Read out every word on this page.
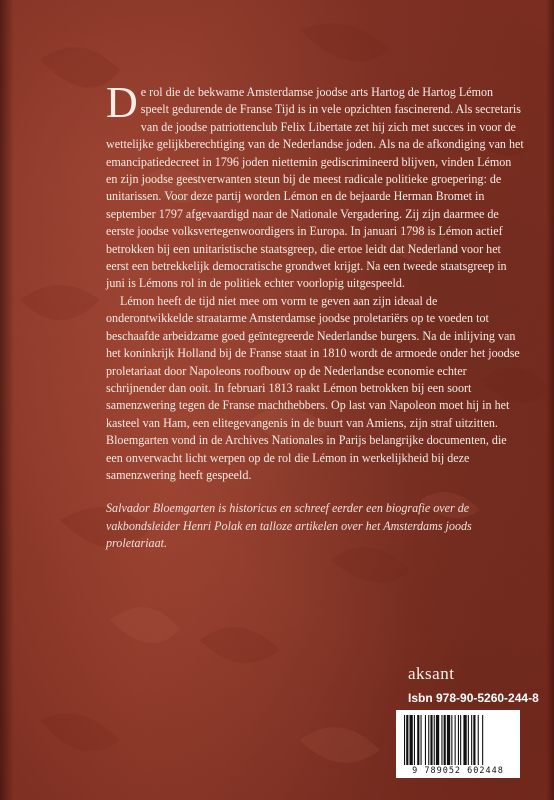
De rol die de bekwame Amsterdamse joodse arts Hartog de Hartog Lémon speelt gedurende de Franse Tijd is in vele opzichten fascinerend. Als secretaris van de joodse patriottenclub Felix Libertate zet hij zich met succes in voor de wettelijke gelijkberechtiging van de Nederlandse joden. Als na de afkondiging van het emancipatiedecreet in 1796 joden niettemin gediscrimineerd blijven, vinden Lémon en zijn joodse geestverwanten steun bij de meest radicale politieke groepering: de unitarissen. Voor deze partij worden Lémon en de bejaarde Herman Bromet in september 1797 afgevaardigd naar de Nationale Vergadering. Zij zijn daarmee de eerste joodse volksvertegenwoordigers in Europa. In januari 1798 is Lémon actief betrokken bij een unitaristische staatsgreep, die ertoe leidt dat Nederland voor het eerst een betrekkelijk democratische grondwet krijgt. Na een tweede staatsgreep in juni is Lémons rol in de politiek echter voorlopig uitgespeeld.

Lémon heeft de tijd niet mee om vorm te geven aan zijn ideaal de onderontwikkelde straatarme Amsterdamse joodse proletariërs op te voeden tot beschaafde arbeidzame goed geïntegreerde Nederlandse burgers. Na de inlijving van het koninkrijk Holland bij de Franse staat in 1810 wordt de armoede onder het joodse proletariaat door Napoleons roofbouw op de Nederlandse economie echter schrijnender dan ooit. In februari 1813 raakt Lémon betrokken bij een soort samenzwering tegen de Franse machthebbers. Op last van Napoleon moet hij in het kasteel van Ham, een elitegevangenis in de buurt van Amiens, zijn straf uitzitten. Bloemgarten vond in de Archives Nationales in Parijs belangrijke documenten, die een onverwacht licht werpen op de rol die Lémon in werkelijkheid bij deze samenzwering heeft gespeeld.

Salvador Bloemgarten is historicus en schreef eerder een biografie over de vakbondsleider Henri Polak en talloze artikelen over het Amsterdams joods proletariaat.

aksant
Isbn 978-90-5260-244-8
9 789052 602448
